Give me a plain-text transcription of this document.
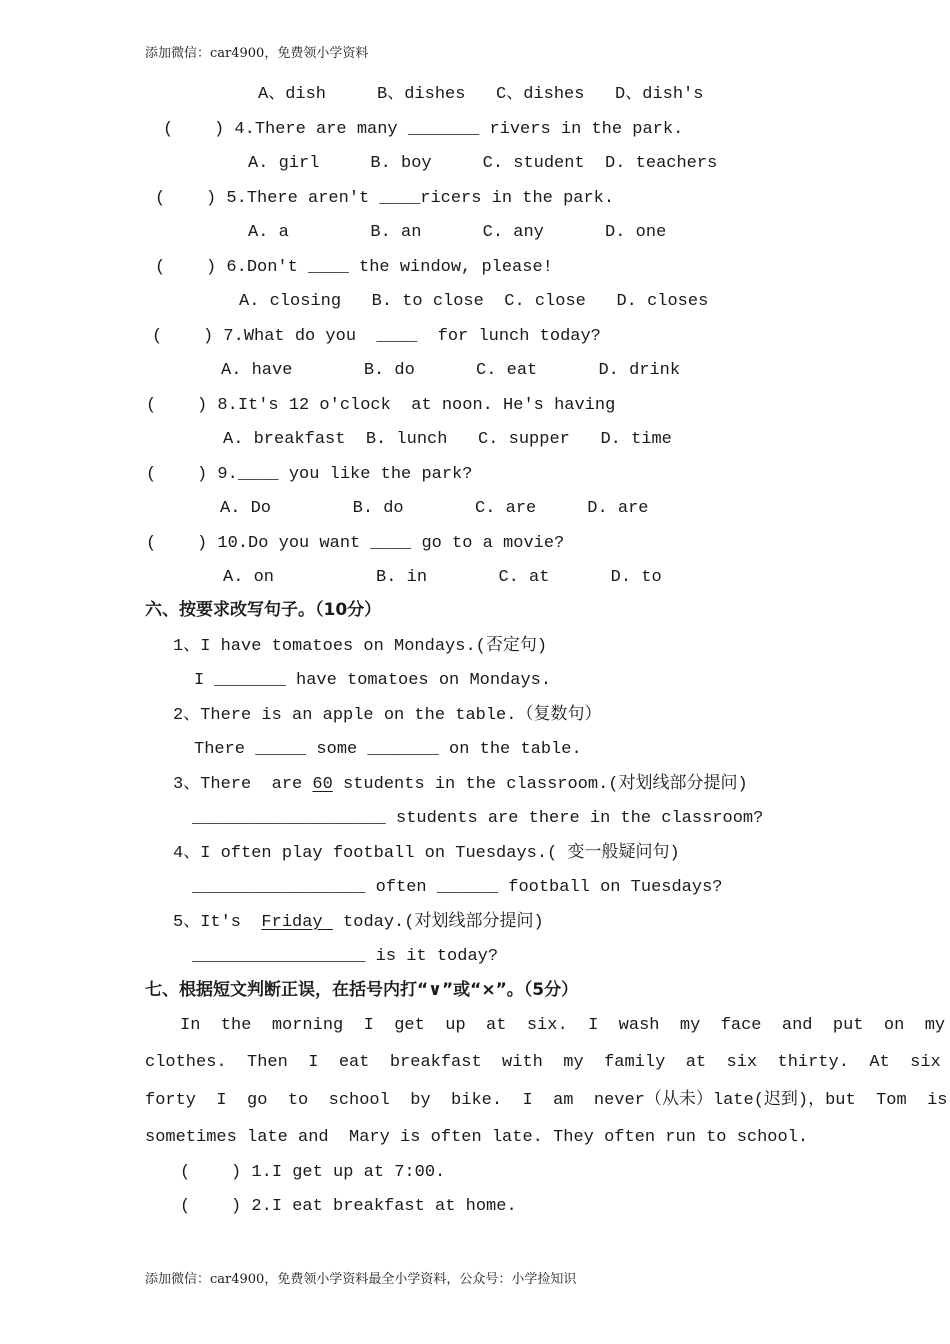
添加微信：car4900，免费领小学资料
A、dish     B、dishes   C、dishes   D、dish's
(    ) 4.There are many _______ rivers in the park.
A. girl     B. boy     C. student  D. teachers
(    ) 5.There aren't ____ricers in the park.
A. a        B. an      C. any      D. one
(    ) 6.Don't ____ the window, please!
A. closing   B. to close  C. close   D. closes
(    ) 7.What do you  ____  for lunch today?
A. have       B. do      C. eat      D. drink
(    ) 8.It's 12 o'clock  at noon. He's having
A. breakfast  B. lunch   C. supper   D. time
(    ) 9.____ you like the park?
A. Do        B. do       C. are     D. are
(    ) 10.Do you want ____ go to a movie?
A. on          B. in       C. at      D. to
六、按要求改写句子。（10分）
1、I have tomatoes on Mondays.(否定句)
I _______ have tomatoes on Mondays.
2、There is an apple on the table.（复数句）
There _____ some _______ on the table.
3、There  are 60 students in the classroom.(对划线部分提问)
___________________ students are there in the classroom?
4、I often play football on Tuesdays.( 变一般疑问句)
_________________ often ______ football on Tuesdays?
5、It's  Friday  today.(对划线部分提问)
_________________ is it today?
七、根据短文判断正误，在括号内打“∨”或“×”。（5分）
In  the  morning  I  get  up  at  six.  I  wash  my  face  and  put  on  my
clothes.  Then  I  eat  breakfast  with  my  family  at  six  thirty.  At  six
forty  I  go  to  school  by  bike.  I  am  never（从未）late(迟到)，but  Tom  is
sometimes late and  Mary is often late. They often run to school.
(    ) 1.I get up at 7:00.
(    ) 2.I eat breakfast at home.
添加微信：car4900，免费领小学资料最全小学资料，公众号：小学捡知识
